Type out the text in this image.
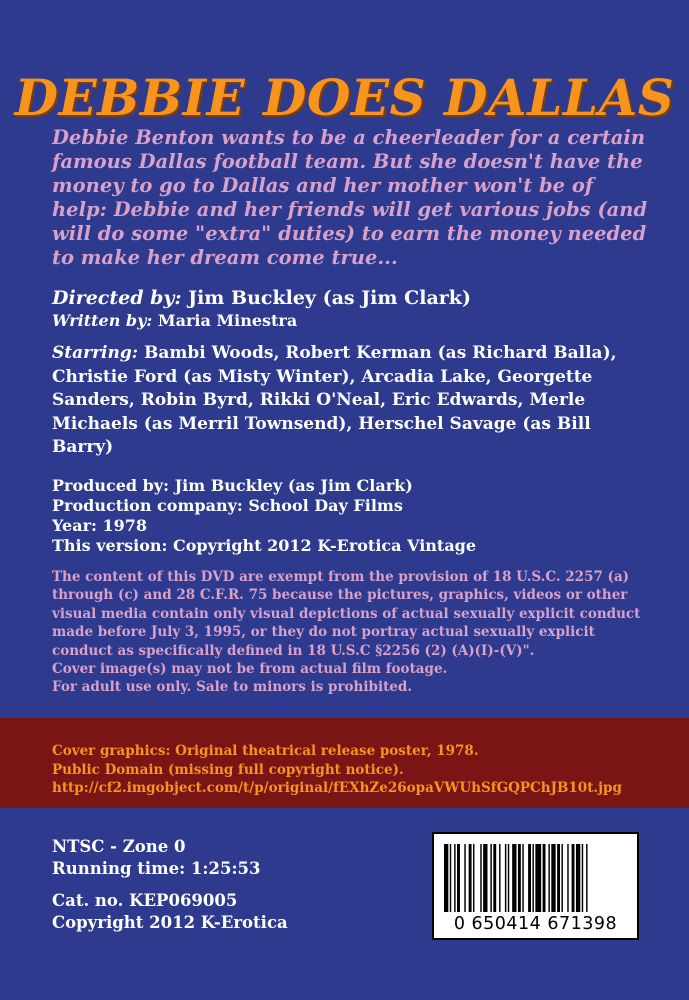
DEBBIE DOES DALLAS

Debbie Benton wants to be a cheerleader for a certain famous Dallas football team. But she doesn't have the money to go to Dallas and her mother won't be of help: Debbie and her friends will get various jobs (and will do some "extra" duties) to earn the money needed to make her dream come true...

Directed by: Jim Buckley (as Jim Clark)
Written by: Maria Minestra
Starring: Bambi Woods, Robert Kerman (as Richard Balla), Christie Ford (as Misty Winter), Arcadia Lake, Georgette Sanders, Robin Byrd, Rikki O'Neal, Eric Edwards, Merle Michaels (as Merril Townsend), Herschel Savage (as Bill Barry)
Produced by: Jim Buckley (as Jim Clark)
Production company: School Day Films
Year: 1978
This version: Copyright 2012 K-Erotica Vintage
The content of this DVD are exempt from the provision of 18 U.S.C. 2257 (a) through (c) and 28 C.F.R. 75 because the pictures, graphics, videos or other visual media contain only visual depictions of actual sexually explicit conduct made before July 3, 1995, or they do not portray actual sexually explicit conduct as specifically defined in 18 U.S.C §2256 (2) (A)(I)-(V)".
Cover image(s) may not be from actual film footage.
For adult use only. Sale to minors is prohibited.
Cover graphics: Original theatrical release poster, 1978.
Public Domain (missing full copyright notice).
http://cf2.imgobject.com/t/p/original/fEXhZe26opaVWUhSfGQPChJB10t.jpg
NTSC - Zone 0
Running time: 1:25:53
Cat. no. KEP069005
Copyright 2012 K-Erotica	0 650414 671398
